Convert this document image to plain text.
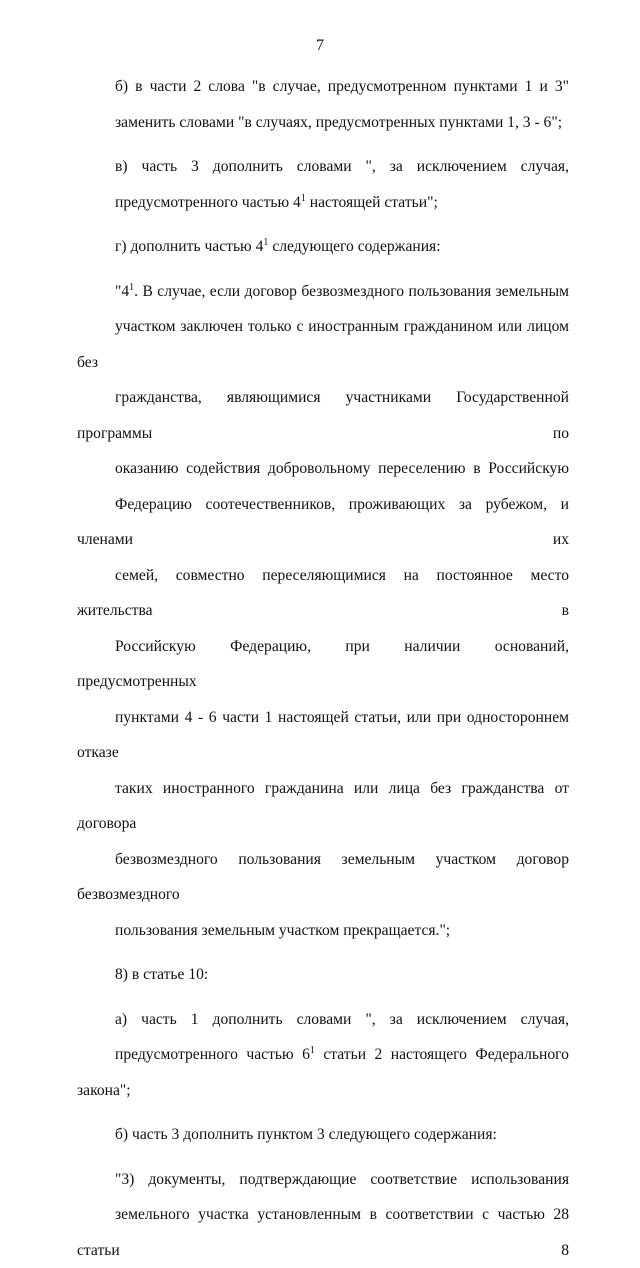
7
б) в части 2 слова "в случае, предусмотренном пунктами 1 и 3"
заменить словами "в случаях, предусмотренных пунктами 1, 3 - 6";
в) часть 3 дополнить словами ", за исключением случая,
предусмотренного частью $4^1$ настоящей статьи";
г) дополнить частью $4^1$ следующего содержания:
"$4^1$. В случае, если договор безвозмездного пользования земельным
участком заключен только с иностранным гражданином или лицом без
гражданства, являющимися участниками Государственной программы по
оказанию содействия добровольному переселению в Российскую
Федерацию соотечественников, проживающих за рубежом, и членами их
семей, совместно переселяющимися на постоянное место жительства в
Российскую Федерацию, при наличии оснований, предусмотренных
пунктами 4 - 6 части 1 настоящей статьи, или при одностороннем отказе
таких иностранного гражданина или лица без гражданства от договора
безвозмездного пользования земельным участком договор безвозмездного
пользования земельным участком прекращается.";
8) в статье 10:
а) часть 1 дополнить словами ", за исключением случая,
предусмотренного частью $6^1$ статьи 2 настоящего Федерального закона";
б) часть 3 дополнить пунктом 3 следующего содержания:
"3) документы, подтверждающие соответствие использования
земельного участка установленным в соответствии с частью 28 статьи 8
